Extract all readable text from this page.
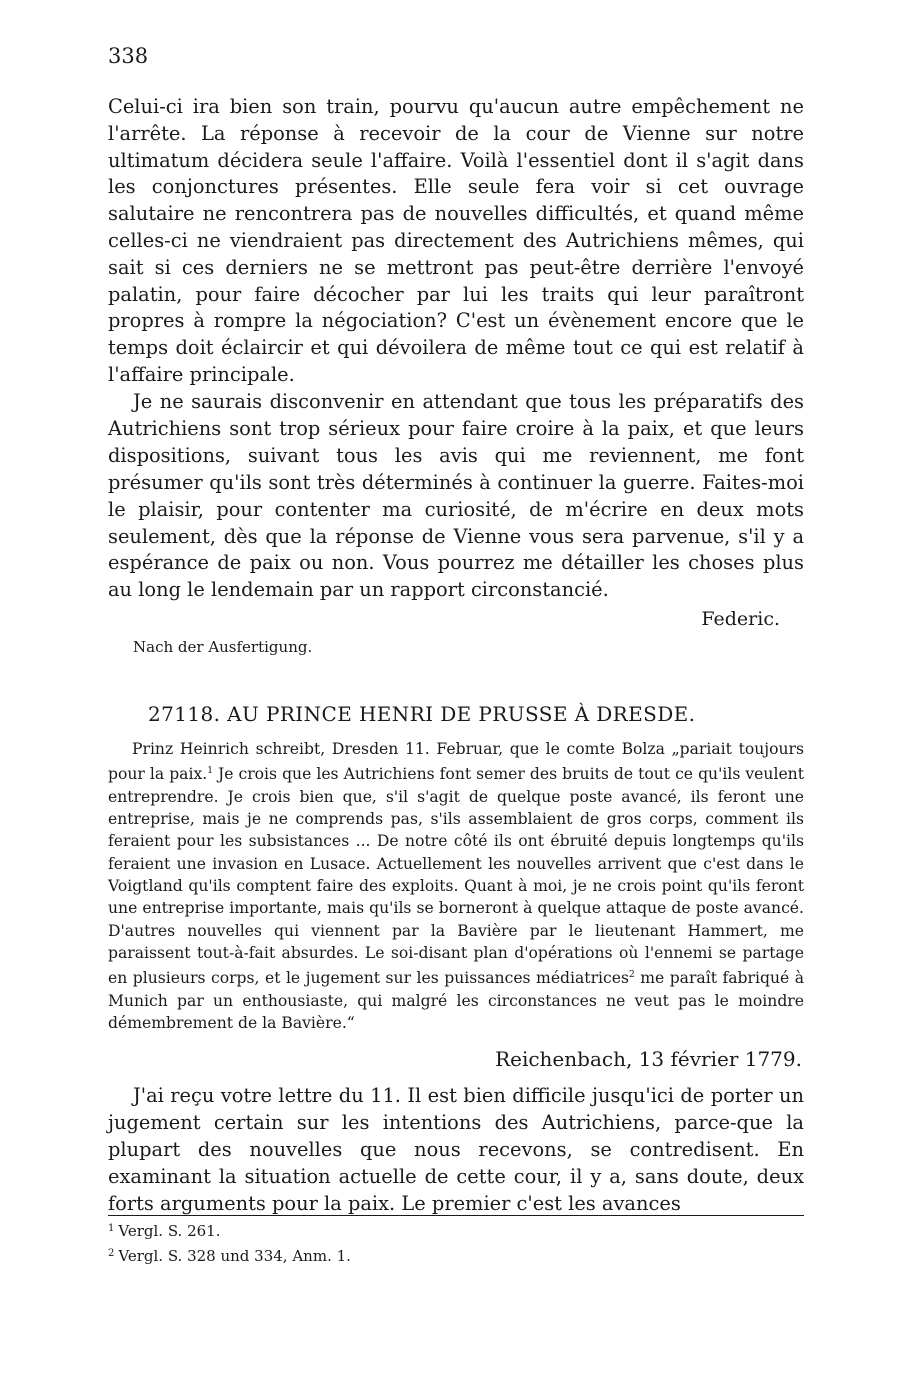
338

Celui-ci ira bien son train, pourvu qu'aucun autre empêchement ne l'arrête. La réponse à recevoir de la cour de Vienne sur notre ultimatum décidera seule l'affaire. Voilà l'essentiel dont il s'agit dans les conjonctures présentes. Elle seule fera voir si cet ouvrage salutaire ne rencontrera pas de nouvelles difficultés, et quand même celles-ci ne viendraient pas directement des Autrichiens mêmes, qui sait si ces derniers ne se mettront pas peut-être derrière l'envoyé palatin, pour faire décocher par lui les traits qui leur paraîtront propres à rompre la négociation? C'est un évènement encore que le temps doit éclaircir et qui dévoilera de même tout ce qui est relatif à l'affaire principale.

Je ne saurais disconvenir en attendant que tous les préparatifs des Autrichiens sont trop sérieux pour faire croire à la paix, et que leurs dispositions, suivant tous les avis qui me reviennent, me font présumer qu'ils sont très déterminés à continuer la guerre. Faites-moi le plaisir, pour contenter ma curiosité, de m'écrire en deux mots seulement, dès que la réponse de Vienne vous sera parvenue, s'il y a espérance de paix ou non. Vous pourrez me détailler les choses plus au long le lendemain par un rapport circonstancié.

Federic.
Nach der Ausfertigung.
27118. AU PRINCE HENRI DE PRUSSE À DRESDE.

Prinz Heinrich schreibt, Dresden 11. Februar, que le comte Bolza „pariait toujours pour la paix.$^1$ Je crois que les Autrichiens font semer des bruits de tout ce qu'ils veulent entreprendre. Je crois bien que, s'il s'agit de quelque poste avancé, ils feront une entreprise, mais je ne comprends pas, s'ils assemblaient de gros corps, comment ils feraient pour les subsistances ... De notre côté ils ont ébruité depuis longtemps qu'ils feraient une invasion en Lusace. Actuellement les nouvelles arrivent que c'est dans le Voigtland qu'ils comptent faire des exploits. Quant à moi, je ne crois point qu'ils feront une entreprise importante, mais qu'ils se borneront à quelque attaque de poste avancé. D'autres nouvelles qui viennent par la Bavière par le lieutenant Hammert, me paraissent tout-à-fait absurdes. Le soi-disant plan d'opérations où l'ennemi se partage en plusieurs corps, et le jugement sur les puissances médiatrices$^2$ me paraît fabriqué à Munich par un enthousiaste, qui malgré les circonstances ne veut pas le moindre démembrement de la Bavière.“

Reichenbach, 13 février 1779.

J'ai reçu votre lettre du 11. Il est bien difficile jusqu'ici de porter un jugement certain sur les intentions des Autrichiens, parce-que la plupart des nouvelles que nous recevons, se contredisent. En examinant la situation actuelle de cette cour, il y a, sans doute, deux forts arguments pour la paix. Le premier c'est les avances

$^1$ Vergl. S. 261.
$^2$ Vergl. S. 328 und 334, Anm. 1.
